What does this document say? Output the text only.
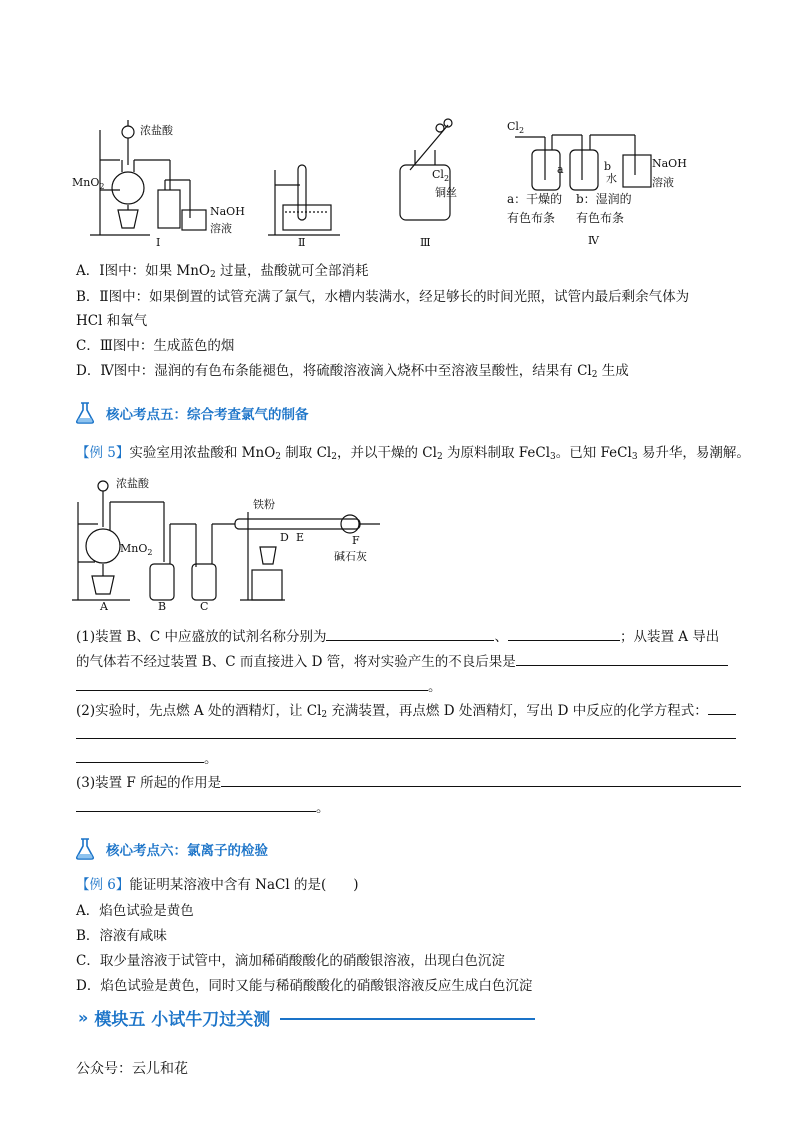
浓盐酸
MnO$_2$
NaOH
溶液
Ⅰ	Ⅱ
$Cl_2$
铜丝
Ⅲ
$Cl_2$
a	b
水
NaOH
溶液
a：干燥的 b：湿润的
有色布条 有色布条
Ⅳ
A．Ⅰ图中：如果 MnO$_2$ 过量，盐酸就可全部消耗
B．Ⅱ图中：如果倒置的试管充满了氯气，水槽内装满水，经足够长的时间光照，试管内最后剩余气体为
HCl 和氧气
C．Ⅲ图中：生成蓝色的烟
D．Ⅳ图中：湿润的有色布条能褪色，将硫酸溶液滴入烧杯中至溶液呈酸性，结果有 $Cl_2$ 生成
核心考点五：综合考查氯气的制备
【例 5】实验室用浓盐酸和 MnO$_2$ 制取 $Cl_2$，并以干燥的 $Cl_2$ 为原料制取 FeCl$_3$。已知 FeCl$_3$ 易升华，易潮解。
浓盐酸
MnO$_2$
铁粉
D E	F
碱石灰
A	B	C
(1)装置 B、C 中应盛放的试剂名称分别为	、	；从装置 A 导出
的气体若不经过装置 B、C 而直接进入 D 管，将对实验产生的不良后果是
。
(2)实验时，先点燃 A 处的酒精灯，让 $Cl_2$ 充满装置，再点燃 D 处酒精灯，写出 D 中反应的化学方程式：
。
(3)装置 F 所起的作用是
。
核心考点六：氯离子的检验
【例 6】能证明某溶液中含有 NaCl 的是(　　)
A．焰色试验是黄色
B．溶液有咸味
C．取少量溶液于试管中，滴加稀硝酸酸化的硝酸银溶液，出现白色沉淀
D．焰色试验是黄色，同时又能与稀硝酸酸化的硝酸银溶液反应生成白色沉淀
» 模块五 小试牛刀过关测
公众号：云儿和花
